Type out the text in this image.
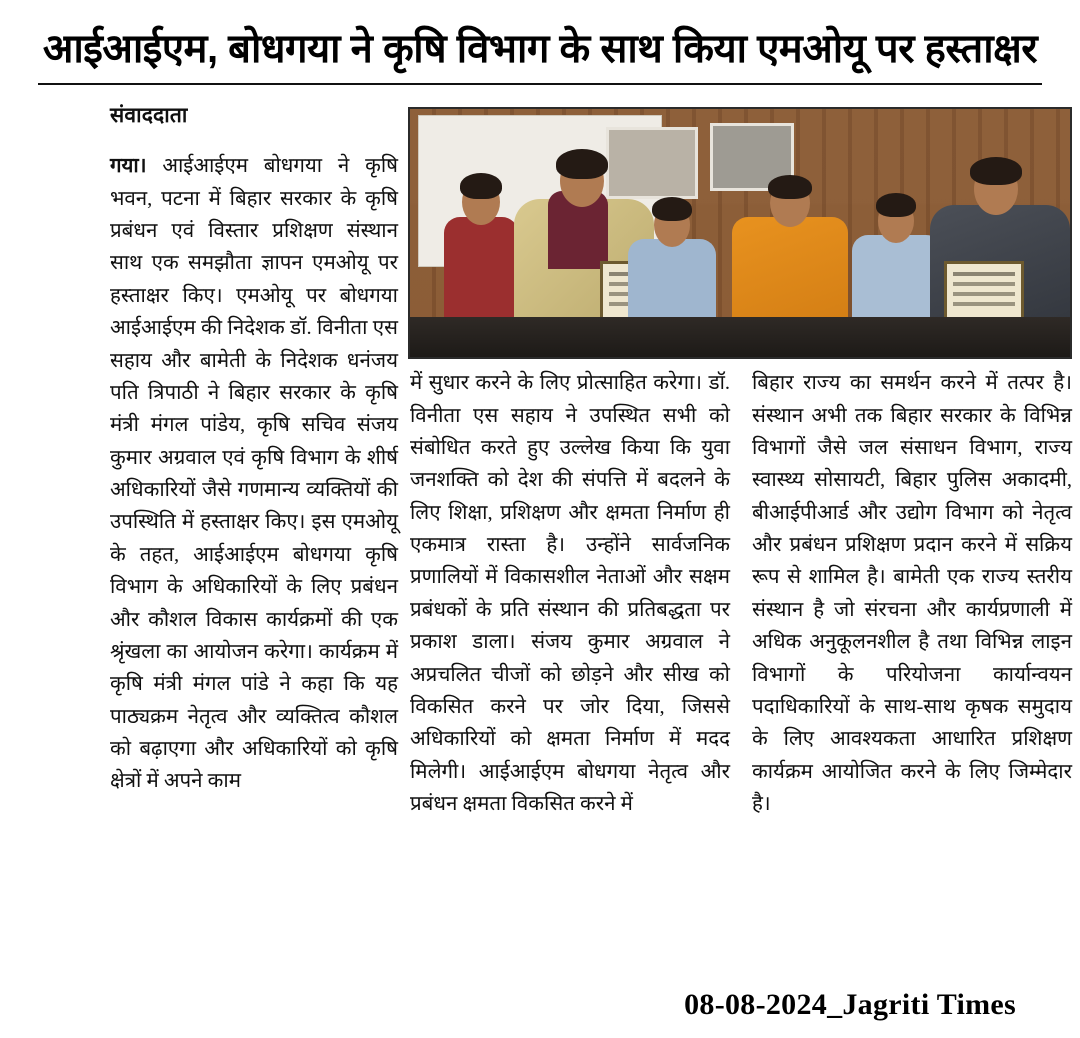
आईआईएम, बोधगया ने कृषि विभाग के साथ किया एमओयू पर हस्ताक्षर
संवाददाता

गया। आईआईएम बोधगया ने कृषि भवन, पटना में बिहार सरकार के कृषि प्रबंधन एवं विस्तार प्रशिक्षण संस्थान साथ एक समझौता ज्ञापन एमओयू पर हस्ताक्षर किए। एमओयू पर बोधगया आईआईएम की निदेशक डॉ. विनीता एस सहाय और बामेती के निदेशक धनंजय पति त्रिपाठी ने बिहार सरकार के कृषि मंत्री मंगल पांडेय, कृषि सचिव संजय कुमार अग्रवाल एवं कृषि विभाग के शीर्ष अधिकारियों जैसे गणमान्य व्यक्तियों की उपस्थिति में हस्ताक्षर किए। इस एमओयू के तहत, आईआईएम बोधगया कृषि विभाग के अधिकारियों के लिए प्रबंधन और कौशल विकास कार्यक्रमों की एक श्रृंखला का आयोजन करेगा। कार्यक्रम में कृषि मंत्री मंगल पांडे ने कहा कि यह पाठ्यक्रम नेतृत्व और व्यक्तित्व कौशल को बढ़ाएगा और अधिकारियों को कृषि क्षेत्रों में अपने काम

में सुधार करने के लिए प्रोत्साहित करेगा। डॉ. विनीता एस सहाय ने उपस्थित सभी को संबोधित करते हुए उल्लेख किया कि युवा जनशक्ति को देश की संपत्ति में बदलने के लिए शिक्षा, प्रशिक्षण और क्षमता निर्माण ही एकमात्र रास्ता है। उन्होंने सार्वजनिक प्रणालियों में विकासशील नेताओं और सक्षम प्रबंधकों के प्रति संस्थान की प्रतिबद्धता पर प्रकाश डाला। संजय कुमार अग्रवाल ने अप्रचलित चीजों को छोड़ने और सीख को विकसित करने पर जोर दिया, जिससे अधिकारियों को क्षमता निर्माण में मदद मिलेगी। आईआईएम बोधगया नेतृत्व और प्रबंधन क्षमता विकसित करने में

बिहार राज्य का समर्थन करने में तत्पर है। संस्थान अभी तक बिहार सरकार के विभिन्न विभागों जैसे जल संसाधन विभाग, राज्य स्वास्थ्य सोसायटी, बिहार पुलिस अकादमी, बीआईपीआर्ड और उद्योग विभाग को नेतृत्व और प्रबंधन प्रशिक्षण प्रदान करने में सक्रिय रूप से शामिल है। बामेती एक राज्य स्तरीय संस्थान है जो संरचना और कार्यप्रणाली में अधिक अनुकूलनशील है तथा विभिन्न लाइन विभागों के परियोजना कार्यान्वयन पदाधिकारियों के साथ-साथ कृषक समुदाय के लिए आवश्यकता आधारित प्रशिक्षण कार्यक्रम आयोजित करने के लिए जिम्मेदार है।

08-08-2024_Jagriti Times
